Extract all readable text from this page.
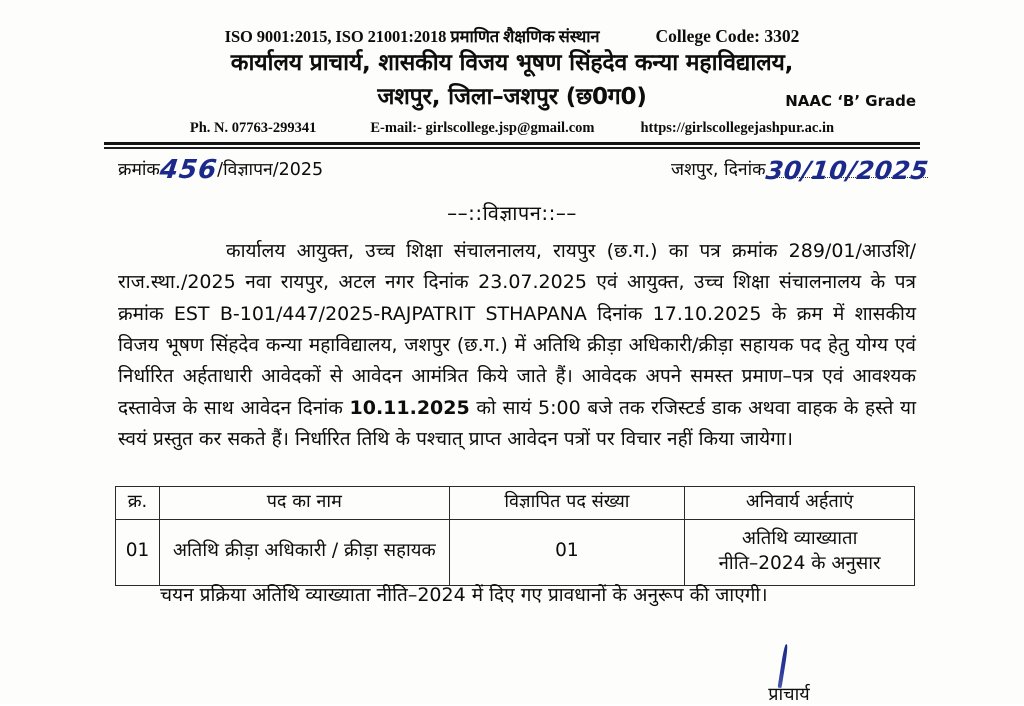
ISO 9001:2015, ISO 21001:2018 प्रमाणित शैक्षणिक संस्थान	College Code: 3302
कार्यालय प्राचार्य, शासकीय विजय भूषण सिंहदेव कन्या महाविद्यालय,
जशपुर, जिला–जशपुर (छ0ग0)	NAAC ‘B’ Grade
Ph. N. 07763-299341	E-mail:- girlscollege.jsp@gmail.com	https://girlscollegejashpur.ac.in
क्रमांक
456
/विज्ञापन/2025	जशपुर, दिनांक
30/10/2025
––::विज्ञापन::––

कार्यालय आयुक्त, उच्च शिक्षा संचालनालय, रायपुर (छ.ग.) का पत्र क्रमांक 289/01/आउशि/राज.स्था./2025 नवा रायपुर, अटल नगर दिनांक 23.07.2025 एवं आयुक्त, उच्च शिक्षा संचालनालय के पत्र क्रमांक EST B-101/447/2025-RAJPATRIT STHAPANA दिनांक 17.10.2025 के क्रम में शासकीय विजय भूषण सिंहदेव कन्या महाविद्यालय, जशपुर (छ.ग.) में अतिथि क्रीड़ा अधिकारी/क्रीड़ा सहायक पद हेतु योग्य एवं निर्धारित अर्हताधारी आवेदकों से आवेदन आमंत्रित किये जाते हैं। आवेदक अपने समस्त प्रमाण–पत्र एवं आवश्यक दस्तावेज के साथ आवेदन दिनांक 10.11.2025 को सायं 5:00 बजे तक रजिस्टर्ड डाक अथवा वाहक के हस्ते या स्वयं प्रस्तुत कर सकते हैं। निर्धारित तिथि के पश्चात् प्राप्त आवेदन पत्रों पर विचार नहीं किया जायेगा।

क्र.	पद का नाम	विज्ञापित पद संख्या	अनिवार्य अर्हताएं
01	अतिथि क्रीड़ा अधिकारी / क्रीड़ा सहायक	01	अतिथि व्याख्याता
नीति–2024 के अनुसार
चयन प्रक्रिया अतिथि व्याख्याता नीति–2024 में दिए गए प्रावधानों के अनुरूप की जाएगी।
प्राचार्य
